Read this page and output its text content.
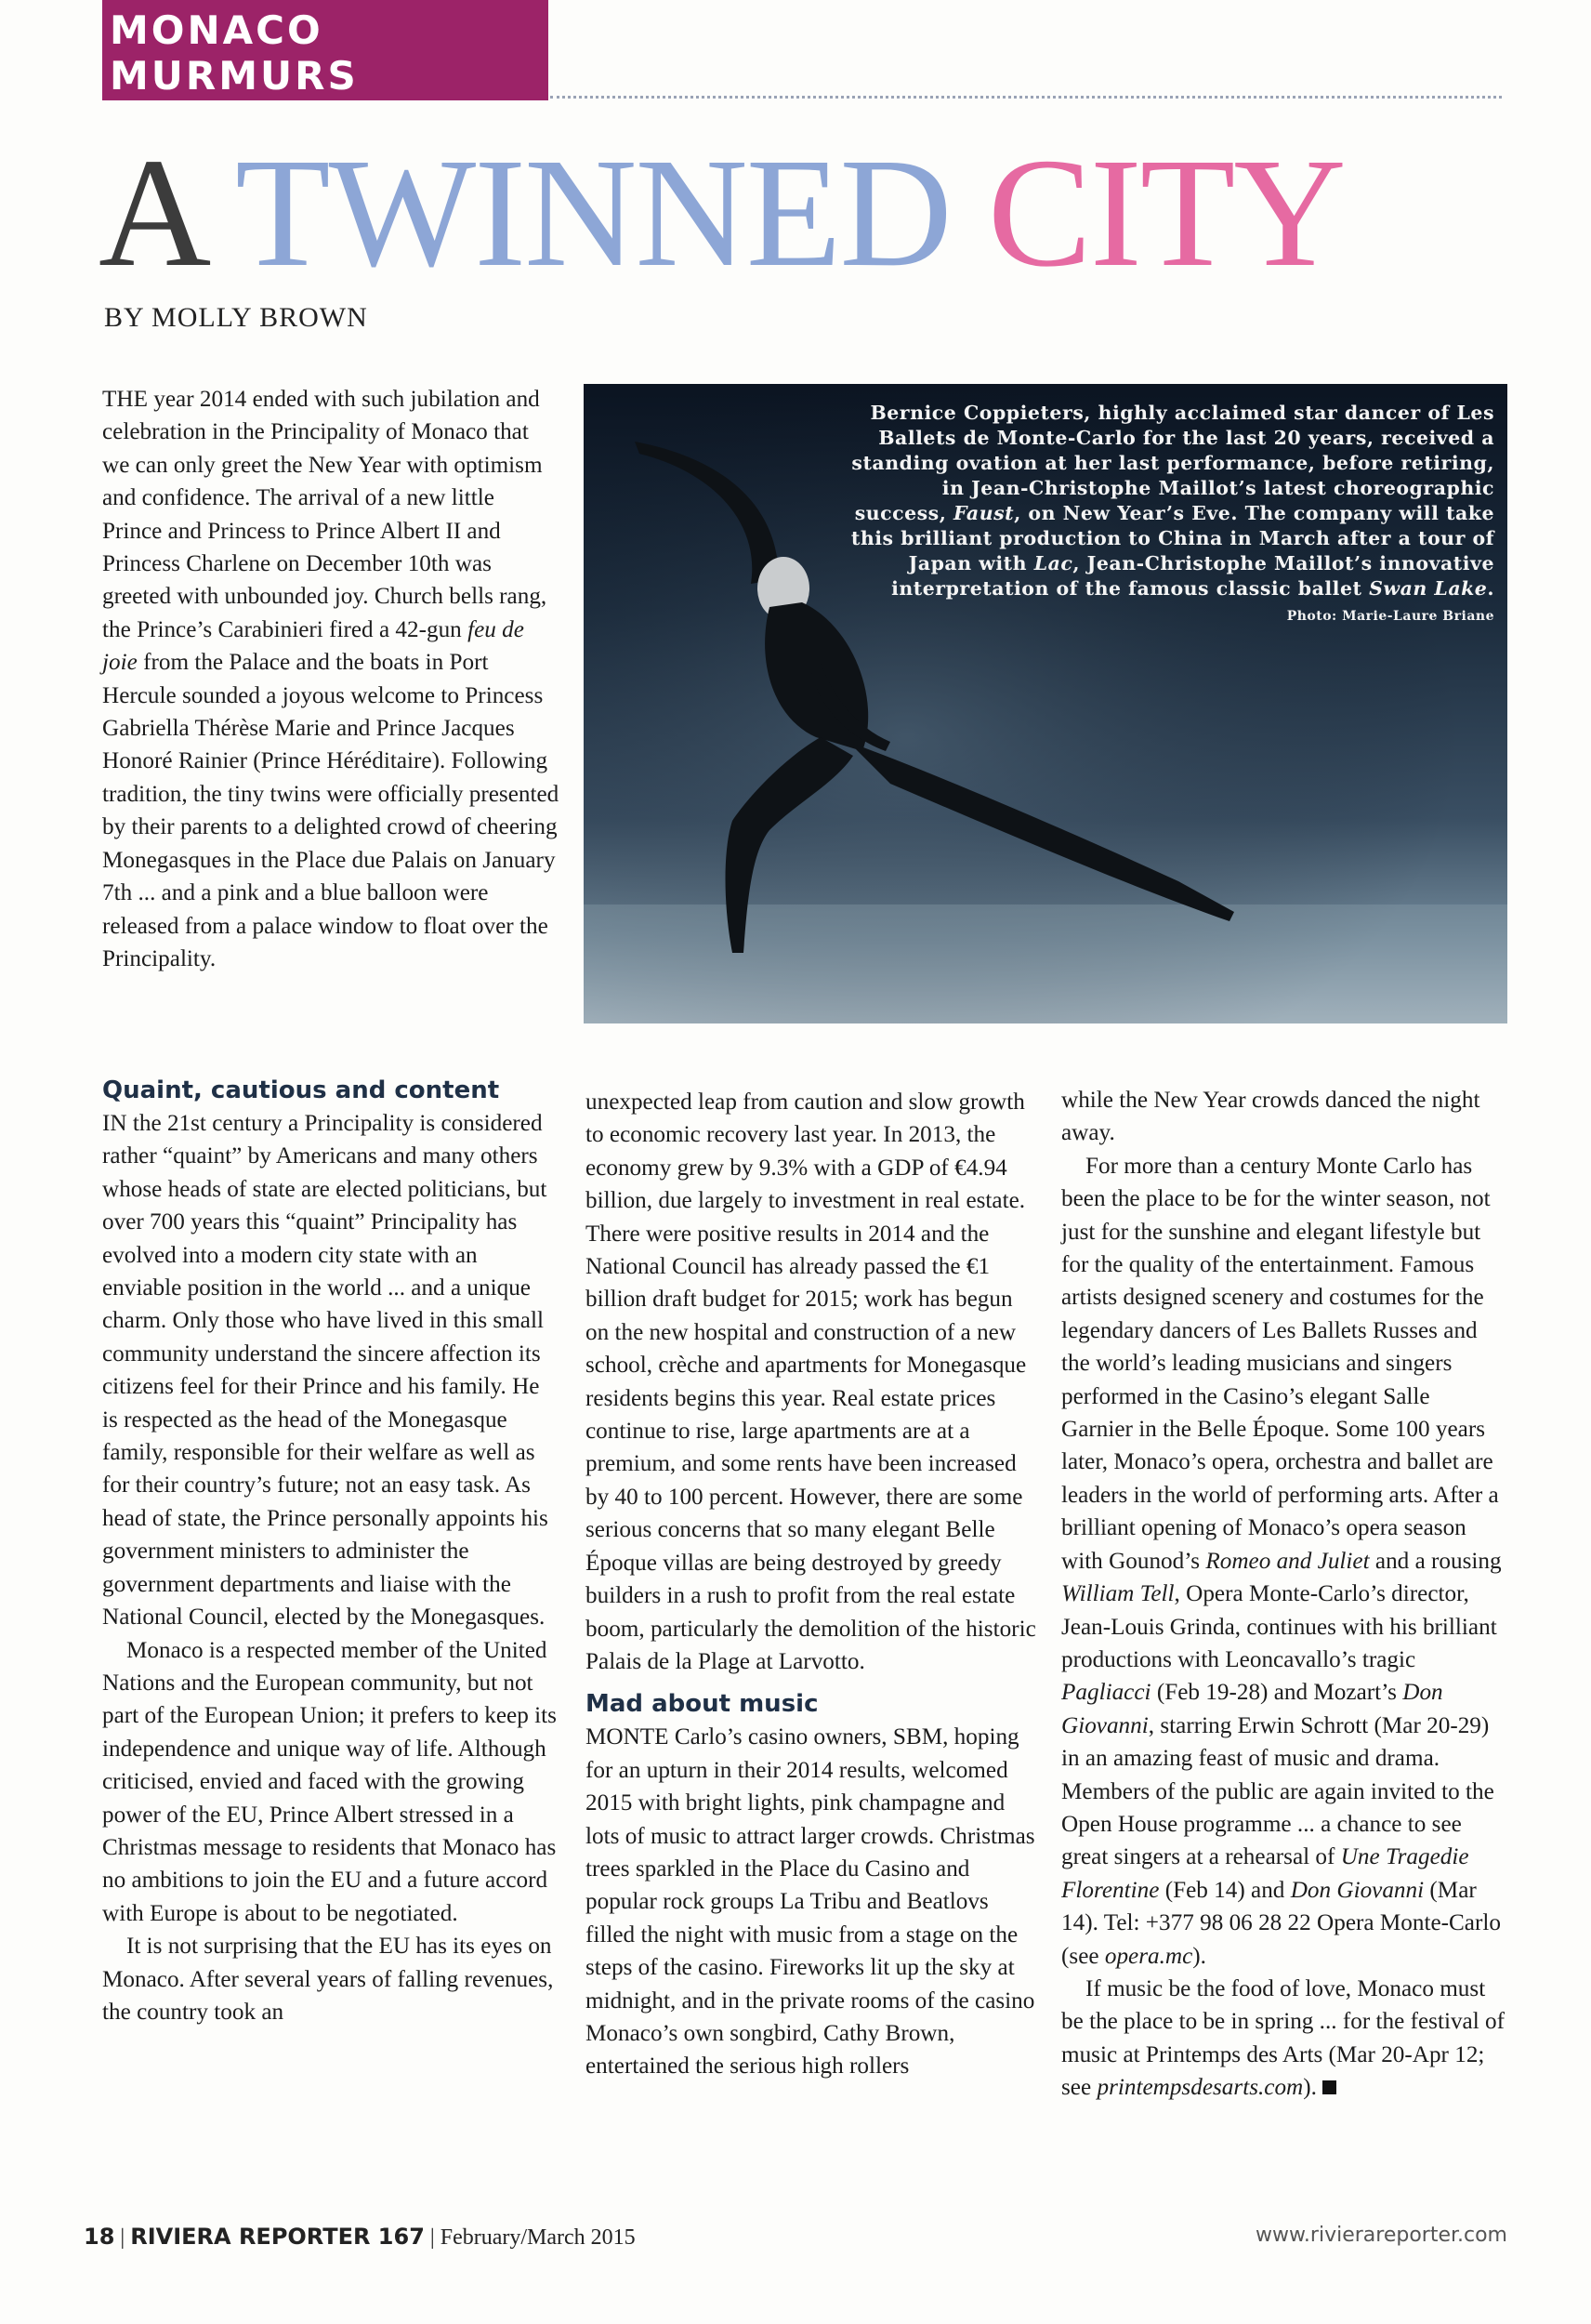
MONACO MURMURS
A TWINNED CITY
BY MOLLY BROWN

THE year 2014 ended with such jubilation and celebration in the Principality of Monaco that we can only greet the New Year with optimism and confidence. The arrival of a new little Prince and Princess to Prince Albert II and Princess Charlene on December 10th was greeted with unbounded joy. Church bells rang, the Prince’s Carabinieri fired a 42-gun feu de joie from the Palace and the boats in Port Hercule sounded a joyous welcome to Princess Gabriella Thérèse Marie and Prince Jacques Honoré Rainier (Prince Héréditaire). Following tradition, the tiny twins were officially presented by their parents to a delighted crowd of cheering Monegasques in the Place due Palais on January 7th ... and a pink and a blue balloon were released from a palace window to float over the Principality.

Bernice Coppieters, highly acclaimed star dancer of Les Ballets de Monte-Carlo for the last 20 years, received a standing ovation at her last performance, before retiring, in Jean-Christophe Maillot’s latest choreographic success, Faust, on New Year’s Eve. The company will take this brilliant production to China in March after a tour of Japan with Lac, Jean-Christophe Maillot’s innovative interpretation of the famous classic ballet Swan Lake. Photo: Marie-Laure Briane
Quaint, cautious and content

IN the 21st century a Principality is considered rather “quaint” by Americans and many others whose heads of state are elected politicians, but over 700 years this “quaint” Principality has evolved into a modern city state with an enviable position in the world ... and a unique charm. Only those who have lived in this small community understand the sincere affection its citizens feel for their Prince and his family. He is respected as the head of the Monegasque family, responsible for their welfare as well as for their country’s future; not an easy task. As head of state, the Prince personally appoints his government ministers to administer the government departments and liaise with the National Council, elected by the Monegasques.

Monaco is a respected member of the United Nations and the European community, but not part of the European Union; it prefers to keep its independence and unique way of life. Although criticised, envied and faced with the growing power of the EU, Prince Albert stressed in a Christmas message to residents that Monaco has no ambitions to join the EU and a future accord with Europe is about to be negotiated.

It is not surprising that the EU has its eyes on Monaco. After several years of falling revenues, the country took an

unexpected leap from caution and slow growth to economic recovery last year. In 2013, the economy grew by 9.3% with a GDP of €4.94 billion, due largely to investment in real estate. There were positive results in 2014 and the National Council has already passed the €1 billion draft budget for 2015; work has begun on the new hospital and construction of a new school, crèche and apartments for Monegasque residents begins this year. Real estate prices continue to rise, large apartments are at a premium, and some rents have been increased by 40 to 100 percent. However, there are some serious concerns that so many elegant Belle Époque villas are being destroyed by greedy builders in a rush to profit from the real estate boom, particularly the demolition of the historic Palais de la Plage at Larvotto.

Mad about music

MONTE Carlo’s casino owners, SBM, hoping for an upturn in their 2014 results, welcomed 2015 with bright lights, pink champagne and lots of music to attract larger crowds. Christmas trees sparkled in the Place du Casino and popular rock groups La Tribu and Beatlovs filled the night with music from a stage on the steps of the casino. Fireworks lit up the sky at midnight, and in the private rooms of the casino Monaco’s own songbird, Cathy Brown, entertained the serious high rollers

while the New Year crowds danced the night away.

For more than a century Monte Carlo has been the place to be for the winter season, not just for the sunshine and elegant lifestyle but for the quality of the entertainment. Famous artists designed scenery and costumes for the legendary dancers of Les Ballets Russes and the world’s leading musicians and singers performed in the Casino’s elegant Salle Garnier in the Belle Époque. Some 100 years later, Monaco’s opera, orchestra and ballet are leaders in the world of performing arts. After a brilliant opening of Monaco’s opera season with Gounod’s Romeo and Juliet and a rousing William Tell, Opera Monte-Carlo’s director, Jean-Louis Grinda, continues with his brilliant productions with Leoncavallo’s tragic Pagliacci (Feb 19-28) and Mozart’s Don Giovanni, starring Erwin Schrott (Mar 20-29) in an amazing feast of music and drama. Members of the public are again invited to the Open House programme ... a chance to see great singers at a rehearsal of Une Tragedie Florentine (Feb 14) and Don Giovanni (Mar 14). Tel: +377 98 06 28 22 Opera Monte-Carlo (see opera.mc).

If music be the food of love, Monaco must be the place to be in spring ... for the festival of music at Printemps des Arts (Mar 20-Apr 12; see printempsdesarts.com).

18 | RIVIERA REPORTER 167 | February/March 2015	www.rivierareporter.com
